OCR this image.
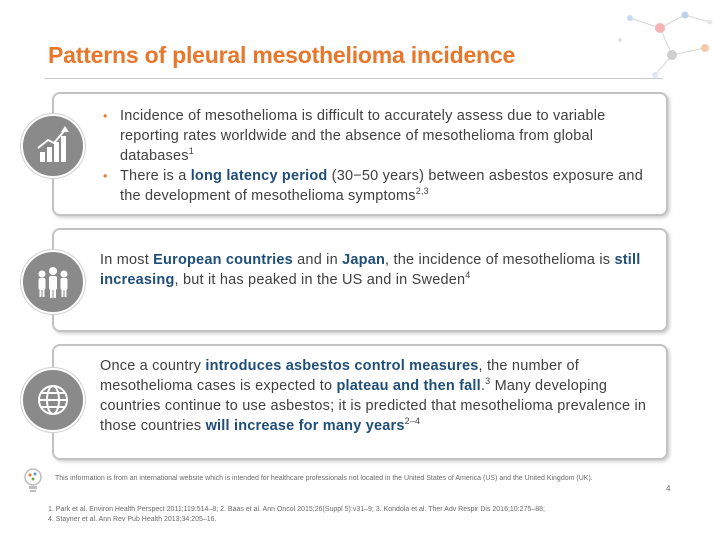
Patterns of pleural mesothelioma incidence
• Incidence of mesothelioma is difficult to accurately assess due to variable reporting rates worldwide and the absence of mesothelioma from global databases$^1$
• There is a long latency period (30−50 years) between asbestos exposure and the development of mesothelioma symptoms$^{2,3}$
In most European countries and in Japan, the incidence of mesothelioma is still increasing, but it has peaked in the US and in Sweden$^4$
Once a country introduces asbestos control measures, the number of mesothelioma cases is expected to plateau and then fall.$^3$ Many developing countries continue to use asbestos; it is predicted that mesothelioma prevalence in those countries will increase for many years$^{2-4}$
This information is from an international website which is intended for healthcare professionals not located in the United States of America (US) and the United Kingdom (UK).
4
1. Park et al. Environ Health Perspect 2011;119:514–8; 2. Baas et al. Ann Oncol 2015;26(Suppl 5):v31–9; 3. Kondola et al. Ther Adv Respir Dis 2016;10:275–88;
4. Stayner et al. Ann Rev Pub Health 2013;34:205–16.
